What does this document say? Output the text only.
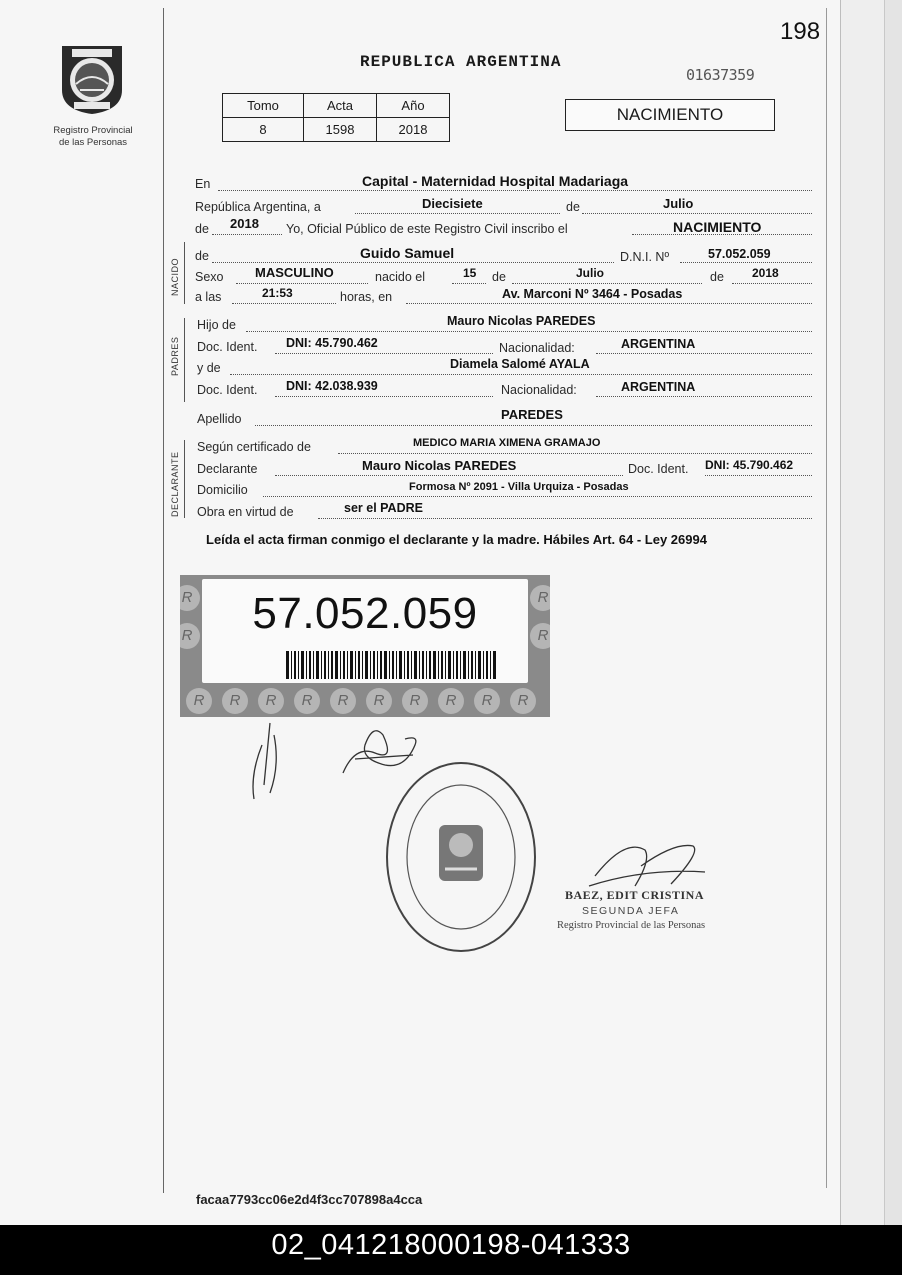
Registro Provincial
de las Personas
198
REPUBLICA ARGENTINA
01637359
Tomo	Acta	Año
8	1598	2018
NACIMIENTO
En	Capital - Maternidad Hospital Madariaga
República Argentina, a	Diecisiete	de	Julio
de 2018 Yo, Oficial Público de este Registro Civil inscribo el	NACIMIENTO
NACIDO
de	Guido Samuel	D.N.I. Nº	57.052.059
Sexo MASCULINO	nacido el	15 de	Julio	de 2018
a las	21:53	horas, en	Av. Marconi Nº 3464 - Posadas
PADRES
Hijo de	Mauro Nicolas PAREDES
Doc. Ident. DNI: 45.790.462	Nacionalidad:	ARGENTINA
y de	Diamela Salomé AYALA
Doc. Ident. DNI: 42.038.939	Nacionalidad:	ARGENTINA
Apellido	PAREDES
DECLARANTE
Según certificado de	MEDICO MARIA XIMENA GRAMAJO
Declarante	Mauro Nicolas PAREDES	Doc. Ident. DNI: 45.790.462
Domicilio	Formosa Nº 2091 - Villa Urquiza - Posadas
Obra en virtud de	ser el PADRE
Leída el acta firman conmigo el declarante y la madre. Hábiles Art. 64 - Ley 26994
R
R
R
R
R	R	R	R	R	R	R	R	R	R
57.052.059
BAEZ, EDIT CRISTINA
SEGUNDA JEFA
Registro Provincial de las Personas
facaa7793cc06e2d4f3cc707898a4cca
02_041218000198-041333
